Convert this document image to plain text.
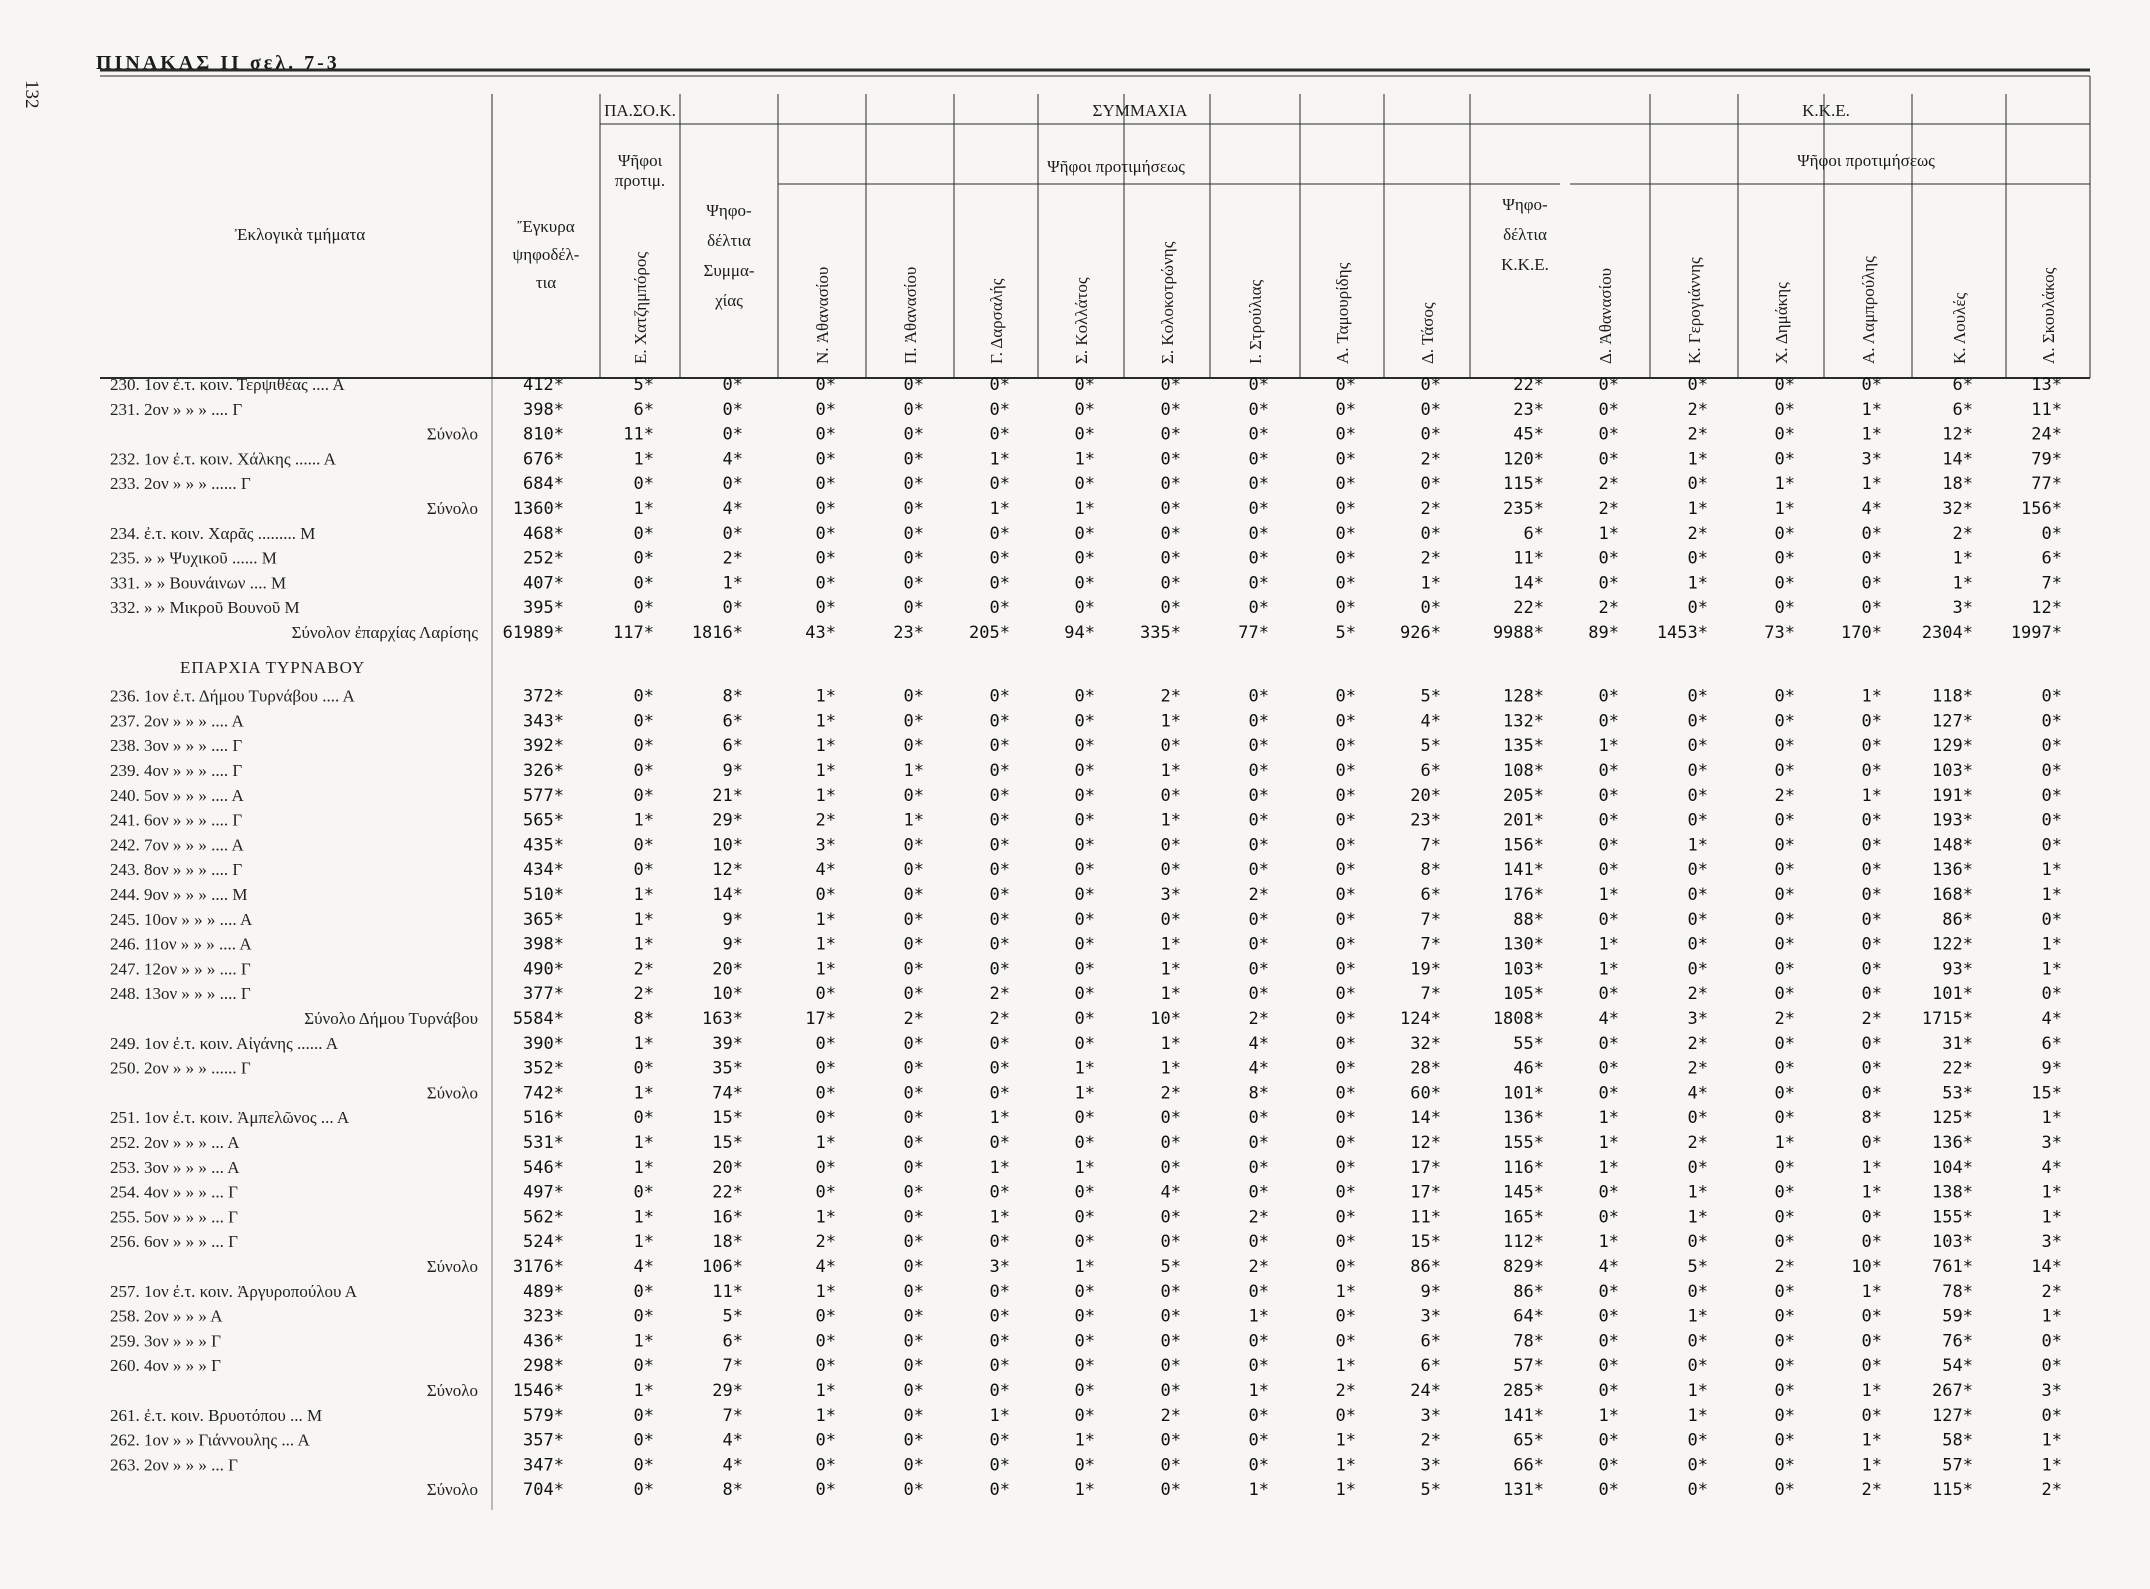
132
ΠΙΝΑΚΑΣ ΙΙ σελ. 7-3
Ἐκλογικὰ τμήματα	Ἔγκυρα
ψηφοδέλ-
τια
ΠΑ.ΣΟ.Κ.
Ψῆφοι
προτιμ.
ΣΥΜΜΑΧΙΑ
Ψηφο-
δέλτια
Συμμα-
χίας
Ψῆφοι προτιμήσεως
Κ.Κ.Ε.
Ψηφο-
δέλτια
Κ.Κ.Ε.
Ψῆφοι προτιμήσεως
Ε. Χατζημπόρος	Ν. Ἀθανασίου	Π. Ἀθανασίου	Γ. Δαρσαλής	Σ. Κολλάτος	Σ. Κολοκοτρώνης	Ι. Στρούλιας	Α. Ταμουρίδης	Δ. Τάσος	Δ. Ἀθανασίου	Κ. Γερογιάννης	Χ. Δημάκης	Α. Λαμπρούλης	Κ. Λουλές	Λ. Σκουλάκος
230. 1ον ἐ.τ. κοιν. Τερψιθέας .... Α	412*	5*	0*	0*	0*	0*	0*	0*	0*	0*	0*	22*	0*	0*	0*	0*	6*	13*
231. 2ον » » » .... Γ	398*	6*	0*	0*	0*	0*	0*	0*	0*	0*	0*	23*	0*	2*	0*	1*	6*	11*
Σύνολο	810*	11*	0*	0*	0*	0*	0*	0*	0*	0*	0*	45*	0*	2*	0*	1*	12*	24*
232. 1ον ἐ.τ. κοιν. Χάλκης ...... Α	676*	1*	4*	0*	0*	1*	1*	0*	0*	0*	2*	120*	0*	1*	0*	3*	14*	79*
233. 2ον » » » ...... Γ	684*	0*	0*	0*	0*	0*	0*	0*	0*	0*	0*	115*	2*	0*	1*	1*	18*	77*
Σύνολο 1360*	1*	4*	0*	0*	1*	1*	0*	0*	0*	2*	235*	2*	1*	1*	4*	32*	156*
234. ἐ.τ. κοιν. Χαρᾶς ......... Μ	468*	0*	0*	0*	0*	0*	0*	0*	0*	0*	0*	6*	1*	2*	0*	0*	2*	0*
235. » » Ψυχικοῦ ...... Μ	252*	0*	2*	0*	0*	0*	0*	0*	0*	0*	2*	11*	0*	0*	0*	0*	1*	6*
331. » » Βουνάινων .... Μ	407*	0*	1*	0*	0*	0*	0*	0*	0*	0*	1*	14*	0*	1*	0*	0*	1*	7*
332. » » Μικροῦ Βουνοῦ Μ	395*	0*	0*	0*	0*	0*	0*	0*	0*	0*	0*	22*	2*	0*	0*	0*	3*	12*
Σύνολον ἐπαρχίας Λαρίσης 61989*	117* 1816*	43*	23*	205*	94*	335*	77*	5*	926*	9988*	89* 1453*	73*	170* 2304* 1997*
ΕΠΑΡΧΙΑ ΤΥΡΝΑΒΟΥ
236. 1ον ἐ.τ. Δήμου Τυρνάβου .... Α	372*	0*	8*	1*	0*	0*	0*	2*	0*	0*	5*	128*	0*	0*	0*	1*	118*	0*
237. 2ον » » » .... Α	343*	0*	6*	1*	0*	0*	0*	1*	0*	0*	4*	132*	0*	0*	0*	0*	127*	0*
238. 3ον » » » .... Γ	392*	0*	6*	1*	0*	0*	0*	0*	0*	0*	5*	135*	1*	0*	0*	0*	129*	0*
239. 4ον » » » .... Γ	326*	0*	9*	1*	1*	0*	0*	1*	0*	0*	6*	108*	0*	0*	0*	0*	103*	0*
240. 5ον » » » .... Α	577*	0*	21*	1*	0*	0*	0*	0*	0*	0*	20*	205*	0*	0*	2*	1*	191*	0*
241. 6ον » » » .... Γ	565*	1*	29*	2*	1*	0*	0*	1*	0*	0*	23*	201*	0*	0*	0*	0*	193*	0*
242. 7ον » » » .... Α	435*	0*	10*	3*	0*	0*	0*	0*	0*	0*	7*	156*	0*	1*	0*	0*	148*	0*
243. 8ον » » » .... Γ	434*	0*	12*	4*	0*	0*	0*	0*	0*	0*	8*	141*	0*	0*	0*	0*	136*	1*
244. 9ον » » » .... Μ	510*	1*	14*	0*	0*	0*	0*	3*	2*	0*	6*	176*	1*	0*	0*	0*	168*	1*
245. 10ον » » » .... Α	365*	1*	9*	1*	0*	0*	0*	0*	0*	0*	7*	88*	0*	0*	0*	0*	86*	0*
246. 11ον » » » .... Α	398*	1*	9*	1*	0*	0*	0*	1*	0*	0*	7*	130*	1*	0*	0*	0*	122*	1*
247. 12ον » » » .... Γ	490*	2*	20*	1*	0*	0*	0*	1*	0*	0*	19*	103*	1*	0*	0*	0*	93*	1*
248. 13ον » » » .... Γ	377*	2*	10*	0*	0*	2*	0*	1*	0*	0*	7*	105*	0*	2*	0*	0*	101*	0*
Σύνολο Δήμου Τυρνάβου 5584*	8*	163*	17*	2*	2*	0*	10*	2*	0*	124*	1808*	4*	3*	2*	2* 1715*	4*
249. 1ον ἐ.τ. κοιν. Αἰγάνης ...... Α	390*	1*	39*	0*	0*	0*	0*	1*	4*	0*	32*	55*	0*	2*	0*	0*	31*	6*
250. 2ον » » » ...... Γ	352*	0*	35*	0*	0*	0*	1*	1*	4*	0*	28*	46*	0*	2*	0*	0*	22*	9*
Σύνολο	742*	1*	74*	0*	0*	0*	1*	2*	8*	0*	60*	101*	0*	4*	0*	0*	53*	15*
251. 1ον ἐ.τ. κοιν. Ἀμπελῶνος ... Α	516*	0*	15*	0*	0*	1*	0*	0*	0*	0*	14*	136*	1*	0*	0*	8*	125*	1*
252. 2ον » » » ... Α	531*	1*	15*	1*	0*	0*	0*	0*	0*	0*	12*	155*	1*	2*	1*	0*	136*	3*
253. 3ον » » » ... Α	546*	1*	20*	0*	0*	1*	1*	0*	0*	0*	17*	116*	1*	0*	0*	1*	104*	4*
254. 4ον » » » ... Γ	497*	0*	22*	0*	0*	0*	0*	4*	0*	0*	17*	145*	0*	1*	0*	1*	138*	1*
255. 5ον » » » ... Γ	562*	1*	16*	1*	0*	1*	0*	0*	2*	0*	11*	165*	0*	1*	0*	0*	155*	1*
256. 6ον » » » ... Γ	524*	1*	18*	2*	0*	0*	0*	0*	0*	0*	15*	112*	1*	0*	0*	0*	103*	3*
Σύνολο 3176*	4*	106*	4*	0*	3*	1*	5*	2*	0*	86*	829*	4*	5*	2*	10*	761*	14*
257. 1ον ἐ.τ. κοιν. Ἀργυροπούλου Α	489*	0*	11*	1*	0*	0*	0*	0*	0*	1*	9*	86*	0*	0*	0*	1*	78*	2*
258. 2ον » » » Α	323*	0*	5*	0*	0*	0*	0*	0*	1*	0*	3*	64*	0*	1*	0*	0*	59*	1*
259. 3ον » » » Γ	436*	1*	6*	0*	0*	0*	0*	0*	0*	0*	6*	78*	0*	0*	0*	0*	76*	0*
260. 4ον » » » Γ	298*	0*	7*	0*	0*	0*	0*	0*	0*	1*	6*	57*	0*	0*	0*	0*	54*	0*
Σύνολο 1546*	1*	29*	1*	0*	0*	0*	0*	1*	2*	24*	285*	0*	1*	0*	1*	267*	3*
261. ἐ.τ. κοιν. Βρυοτόπου ... Μ	579*	0*	7*	1*	0*	1*	0*	2*	0*	0*	3*	141*	1*	1*	0*	0*	127*	0*
262. 1ον » » Γιάννουλης ... Α	357*	0*	4*	0*	0*	0*	1*	0*	0*	1*	2*	65*	0*	0*	0*	1*	58*	1*
263. 2ον » » » ... Γ	347*	0*	4*	0*	0*	0*	0*	0*	0*	1*	3*	66*	0*	0*	0*	1*	57*	1*
Σύνολο	704*	0*	8*	0*	0*	0*	1*	0*	1*	1*	5*	131*	0*	0*	0*	2*	115*	2*
